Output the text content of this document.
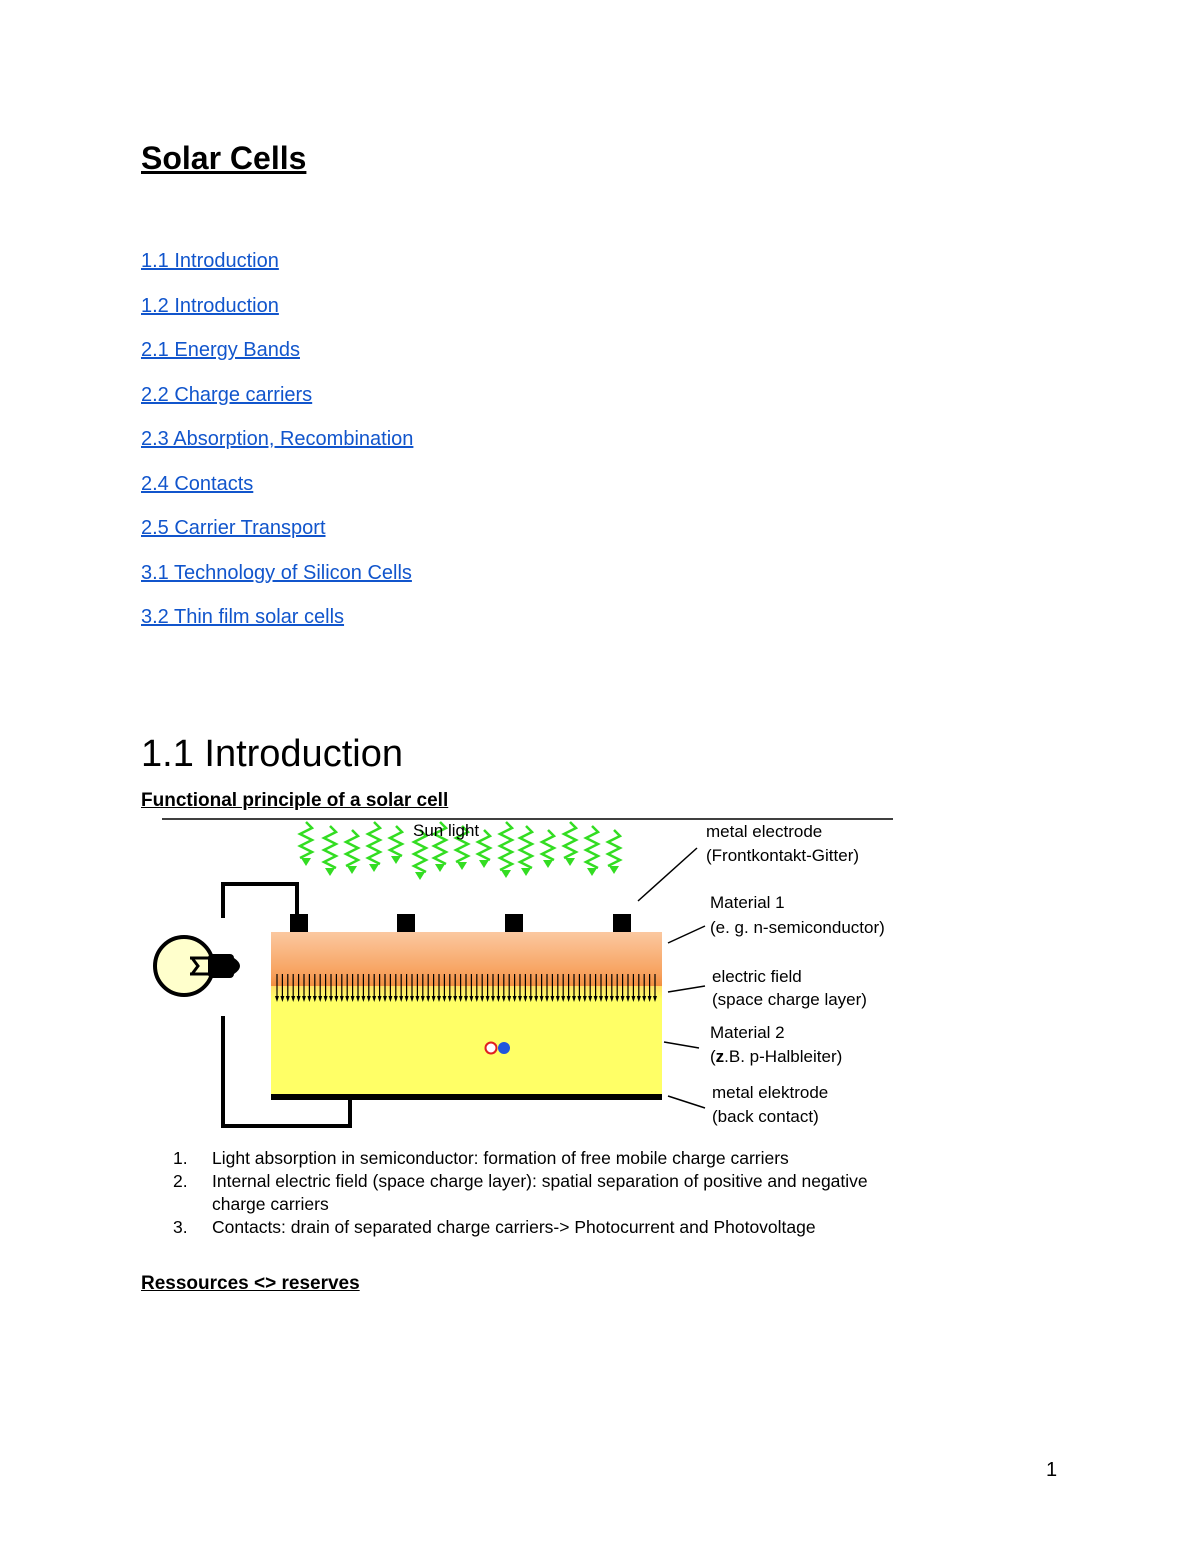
Solar Cells
1.1 Introduction
1.2 Introduction
2.1 Energy Bands
2.2 Charge carriers
2.3 Absorption, Recombination
2.4 Contacts
2.5 Carrier Transport
3.1 Technology of Silicon Cells
3.2 Thin film solar cells
1.1 Introduction
Functional principle of a solar cell
Sun light	metal electrode
(Frontkontakt-Gitter)
Material 1
(e. g. n-semiconductor)
electric field
(space charge layer)
Material 2
(z.B. p-Halbleiter)
metal elektrode
(back contact)
1. Light absorption in semiconductor: formation of free mobile charge carriers
2. Internal electric field (space charge layer): spatial separation of positive and negative charge carriers
3. Contacts: drain of separated charge carriers-> Photocurrent and Photovoltage
Ressources <> reserves
1
